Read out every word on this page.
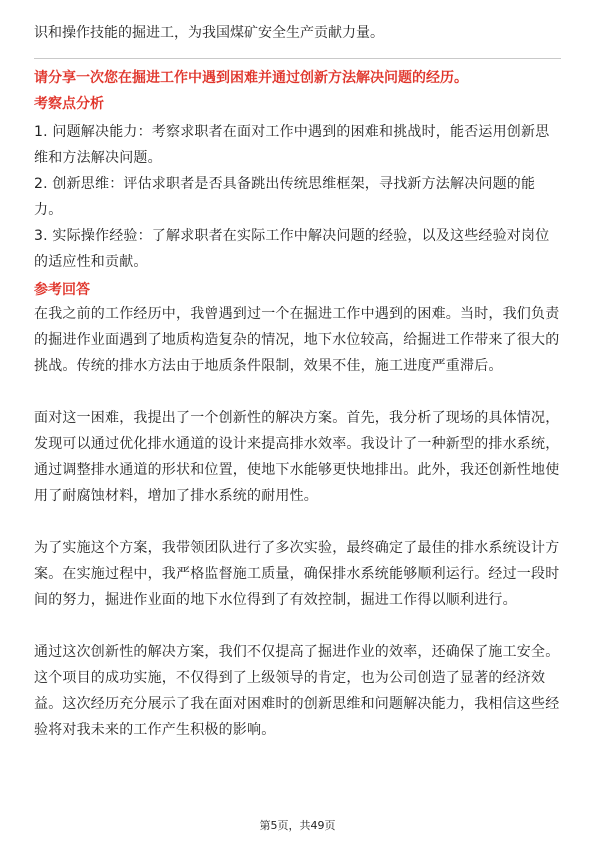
识和操作技能的掘进工，为我国煤矿安全生产贡献力量。

请分享一次您在掘进工作中遇到困难并通过创新方法解决问题的经历。

考察点分析

1. 问题解决能力：考察求职者在面对工作中遇到的困难和挑战时，能否运用创新思维和方法解决问题。

2. 创新思维：评估求职者是否具备跳出传统思维框架，寻找新方法解决问题的能力。

3. 实际操作经验：了解求职者在实际工作中解决问题的经验，以及这些经验对岗位的适应性和贡献。

参考回答

在我之前的工作经历中，我曾遇到过一个在掘进工作中遇到的困难。当时，我们负责的掘进作业面遇到了地质构造复杂的情况，地下水位较高，给掘进工作带来了很大的挑战。传统的排水方法由于地质条件限制，效果不佳，施工进度严重滞后。

面对这一困难，我提出了一个创新性的解决方案。首先，我分析了现场的具体情况，发现可以通过优化排水通道的设计来提高排水效率。我设计了一种新型的排水系统，通过调整排水通道的形状和位置，使地下水能够更快地排出。此外，我还创新性地使用了耐腐蚀材料，增加了排水系统的耐用性。

为了实施这个方案，我带领团队进行了多次实验，最终确定了最佳的排水系统设计方案。在实施过程中，我严格监督施工质量，确保排水系统能够顺利运行。经过一段时间的努力，掘进作业面的地下水位得到了有效控制，掘进工作得以顺利进行。

通过这次创新性的解决方案，我们不仅提高了掘进作业的效率，还确保了施工安全。这个项目的成功实施，不仅得到了上级领导的肯定，也为公司创造了显著的经济效益。这次经历充分展示了我在面对困难时的创新思维和问题解决能力，我相信这些经验将对我未来的工作产生积极的影响。

第5页，共49页
